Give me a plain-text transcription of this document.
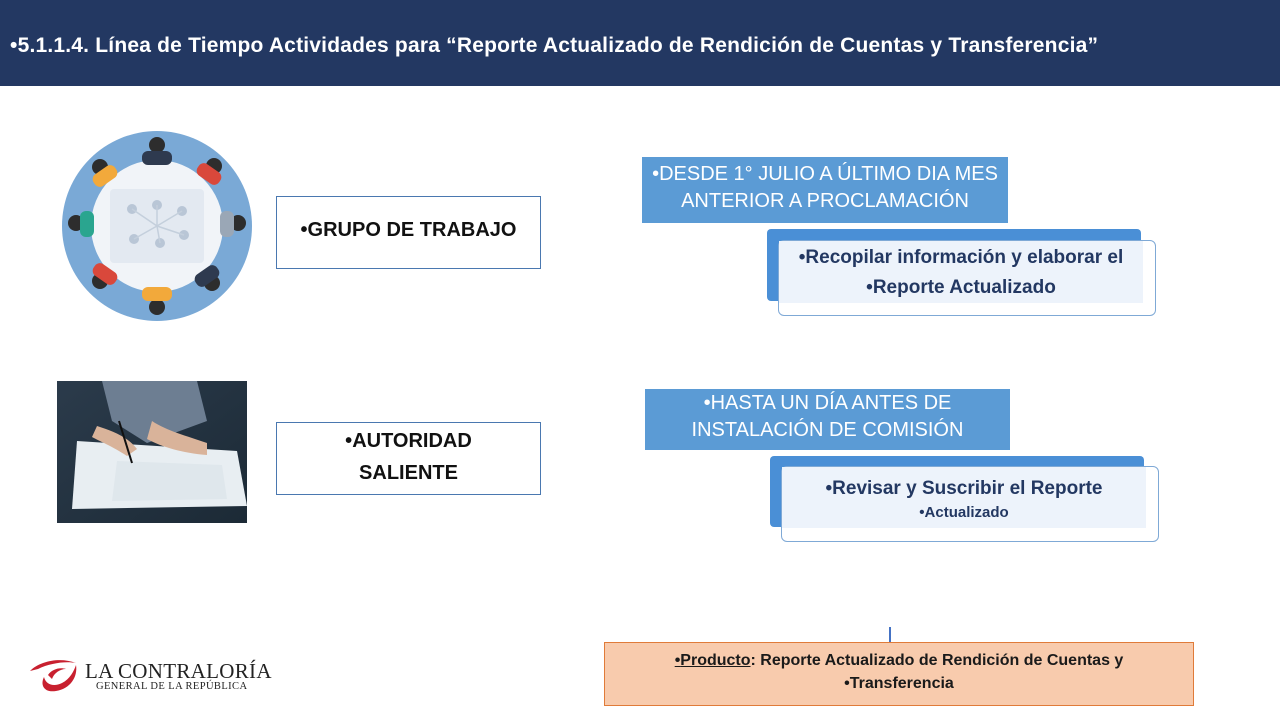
• 5.1.1.4. Línea de Tiempo Actividades para “Reporte Actualizado de Rendición de Cuentas y Transferencia”
• GRUPO DE TRABAJO
• DESDE 1° JULIO A ÚLTIMO DIA MES
ANTERIOR A PROCLAMACIÓN
• Recopilar información y elaborar el
• Reporte Actualizado
• AUTORIDAD
SALIENTE
• HASTA UN DÍA ANTES DE
INSTALACIÓN DE COMISIÓN
• Revisar y Suscribir el Reporte
• Actualizado
• Producto: Reporte Actualizado de Rendición de Cuentas y
• Transferencia
LA CONTRALORÍA
GENERAL DE LA REPÚBLICA
